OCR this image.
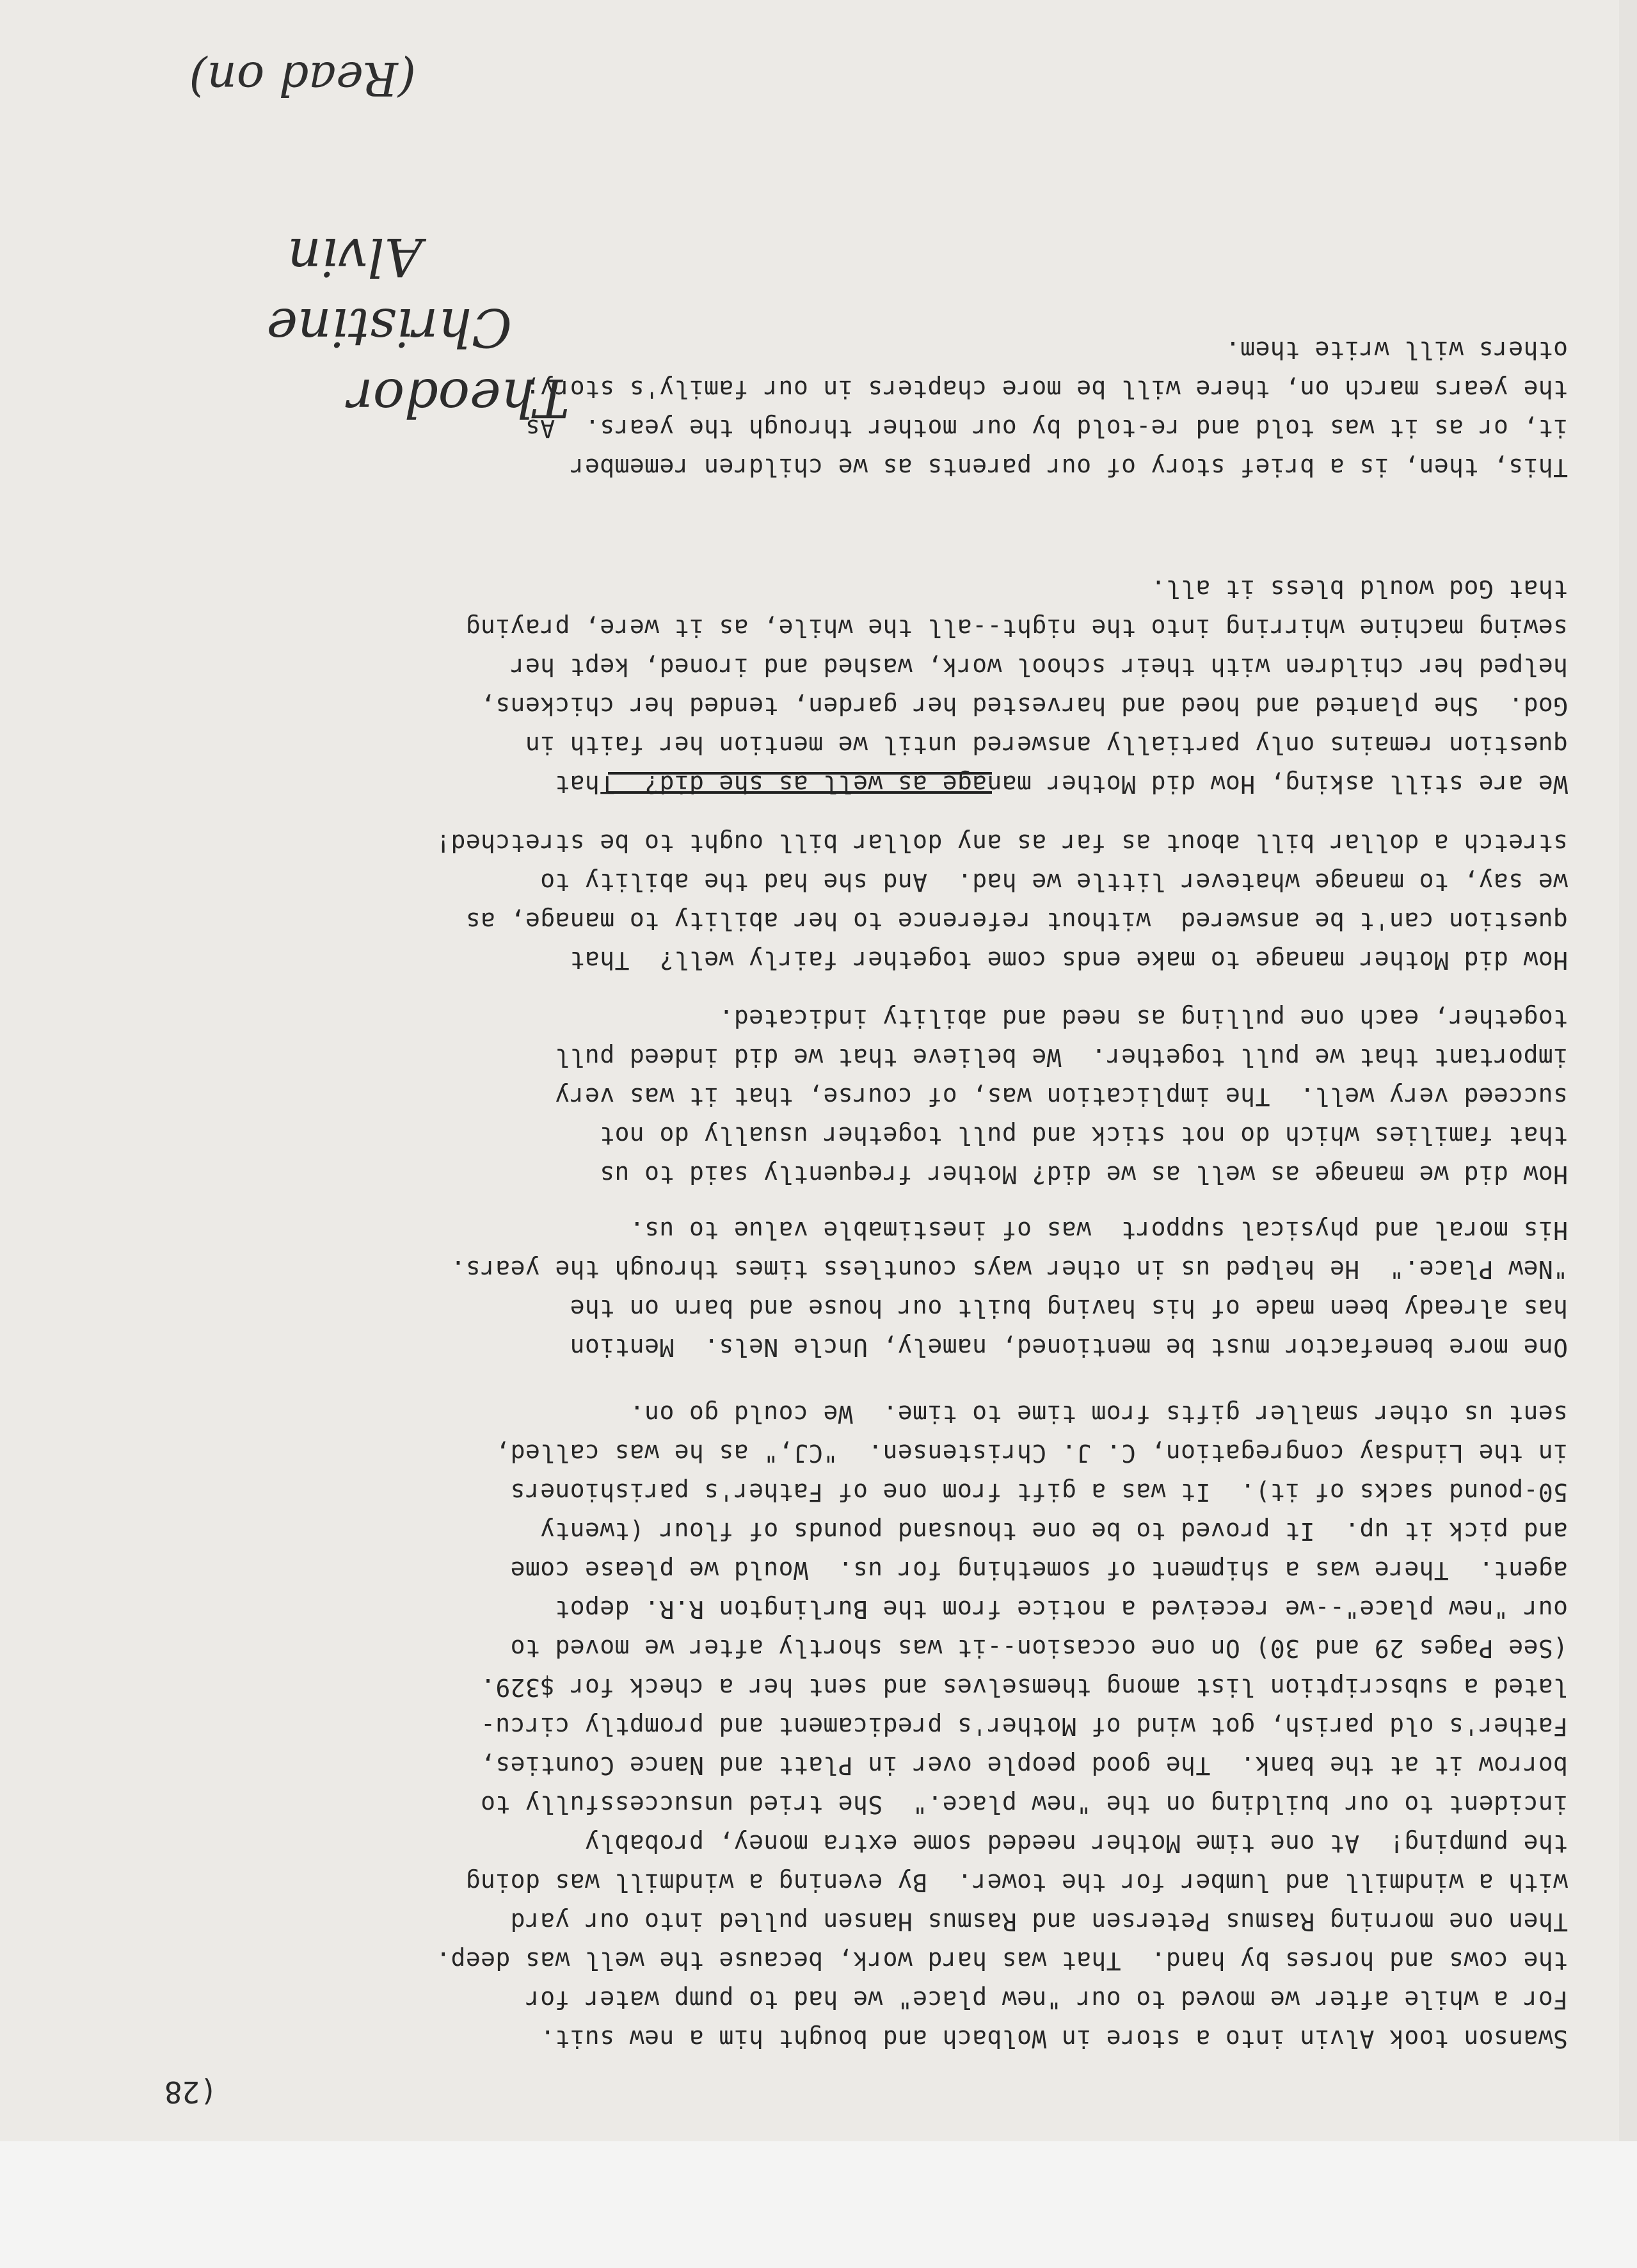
(28

Swanson took Alvin into a store in Wolbach and bought him a new suit.
For a while after we moved to our "new place" we had to pump water for
the cows and horses by hand.  That was hard work, because the well was deep.
Then one morning Rasmus Petersen and Rasmus Hansen pulled into our yard
with a windmill and lumber for the tower.  By evening a windmill was doing
the pumping!  At one time Mother needed some extra money, probably
incident to our building on the "new place."  She tried unsuccessfully to
borrow it at the bank.  The good people over in Platt and Nance Counties,
Father's old parish, got wind of Mother's predicament and promptly circu-
lated a subscription list among themselves and sent her a check for $329.
(See Pages 29 and 30) On one occasion--it was shortly after we moved to
our "new place"--we received a notice from the Burlington R.R. depot
agent.  There was a shipment of something for us.  Would we please come
and pick it up.  It proved to be one thousand pounds of flour (twenty
50-pound sacks of it).  It was a gift from one of Father's parishioners
in the Lindsay congregation, C. J. Christensen.  "CJ," as he was called,
sent us other smaller gifts from time to time.  We could go on.

One more benefactor must be mentioned, namely, Uncle Nels.  Mention
has already been made of his having built our house and barn on the
"New Place."  He helped us in other ways countless times through the years.
His moral and physical support  was of inestimable value to us.

How did we manage as well as we did? Mother frequently said to us
that families which do not stick and pull together usually do not
succeed very well.  The implication was, of course, that it was very
important that we pull together.  We believe that we did indeed pull
together, each one pulling as need and ability indicated.

How did Mother manage to make ends come together fairly well?  That
question can't be answered  without reference to her ability to manage, as
we say, to manage whatever little we had.  And she had the ability to
stretch a dollar bill about as far as any dollar bill ought to be stretched!

We are still asking, How did Mother manage as well as she did?  That
question remains only partially answered until we mention her faith in
God.  She planted and hoed and harvested her garden, tended her chickens,
helped her children with their school work, washed and ironed, kept her
sewing machine whirring into the night--all the while, as it were, praying
that God would bless it all.

This, then, is a brief story of our parents as we children remember
it, or as it was told and re-told by our mother through the years.  As
the years march on, there will be more chapters in our family's story;
others will write them.

Theodor
Christine
Alvin

(Read on)
